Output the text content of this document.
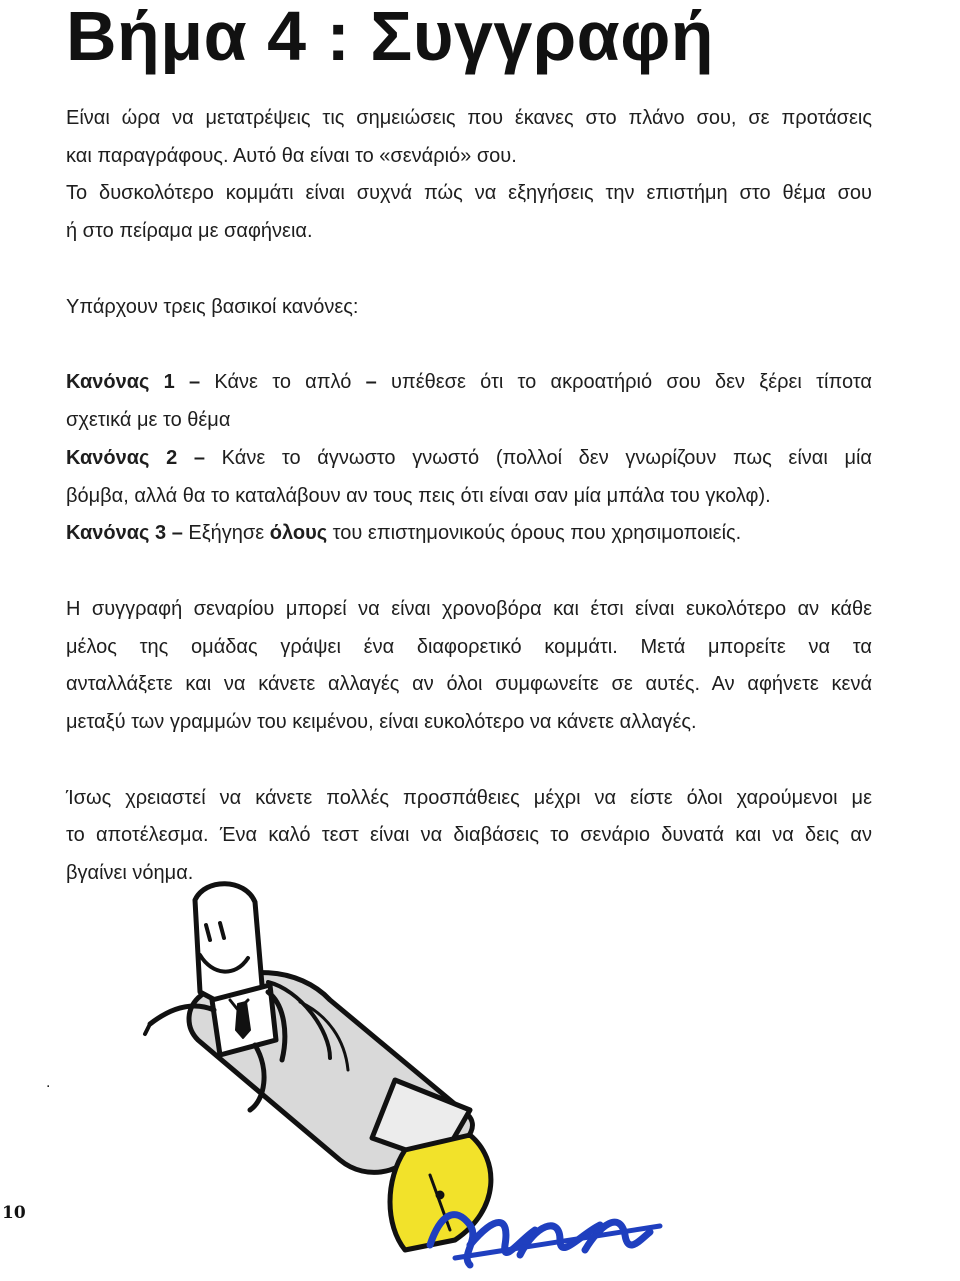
Βήμα 4 : Συγγραφή
Είναι ώρα να μετατρέψεις τις σημειώσεις που έκανες στο πλάνο σου, σε προτάσεις
και παραγράφους. Αυτό θα είναι το «σενάριό» σου.
Το δυσκολότερο κομμάτι είναι συχνά πώς να εξηγήσεις την επιστήμη στο θέμα σου
ή στο πείραμα με σαφήνεια.
Υπάρχουν τρεις βασικοί κανόνες:
Κανόνας 1 – Κάνε το απλό – υπέθεσε ότι το ακροατήριό σου δεν ξέρει τίποτα
σχετικά με το θέμα
Κανόνας 2 – Κάνε το άγνωστο γνωστό (πολλοί δεν γνωρίζουν πως είναι μία
βόμβα, αλλά θα το καταλάβουν αν τους πεις ότι είναι σαν μία μπάλα του γκολφ).
Κανόνας 3 – Εξήγησε όλους του επιστημονικούς όρους που χρησιμοποιείς.
Η συγγραφή σεναρίου μπορεί να είναι χρονοβόρα και έτσι είναι ευκολότερο αν κάθε
μέλος της ομάδας γράψει ένα διαφορετικό κομμάτι. Μετά μπορείτε να τα
ανταλλάξετε και να κάνετε αλλαγές αν όλοι συμφωνείτε σε αυτές. Αν αφήνετε κενά
μεταξύ των γραμμών του κειμένου, είναι ευκολότερο να κάνετε αλλαγές.
Ίσως χρειαστεί να κάνετε πολλές προσπάθειες μέχρι να είστε όλοι χαρούμενοι με
το αποτέλεσμα. Ένα καλό τεστ είναι να διαβάσεις το σενάριο δυνατά και να δεις αν
βγαίνει νόημα.
.
10
